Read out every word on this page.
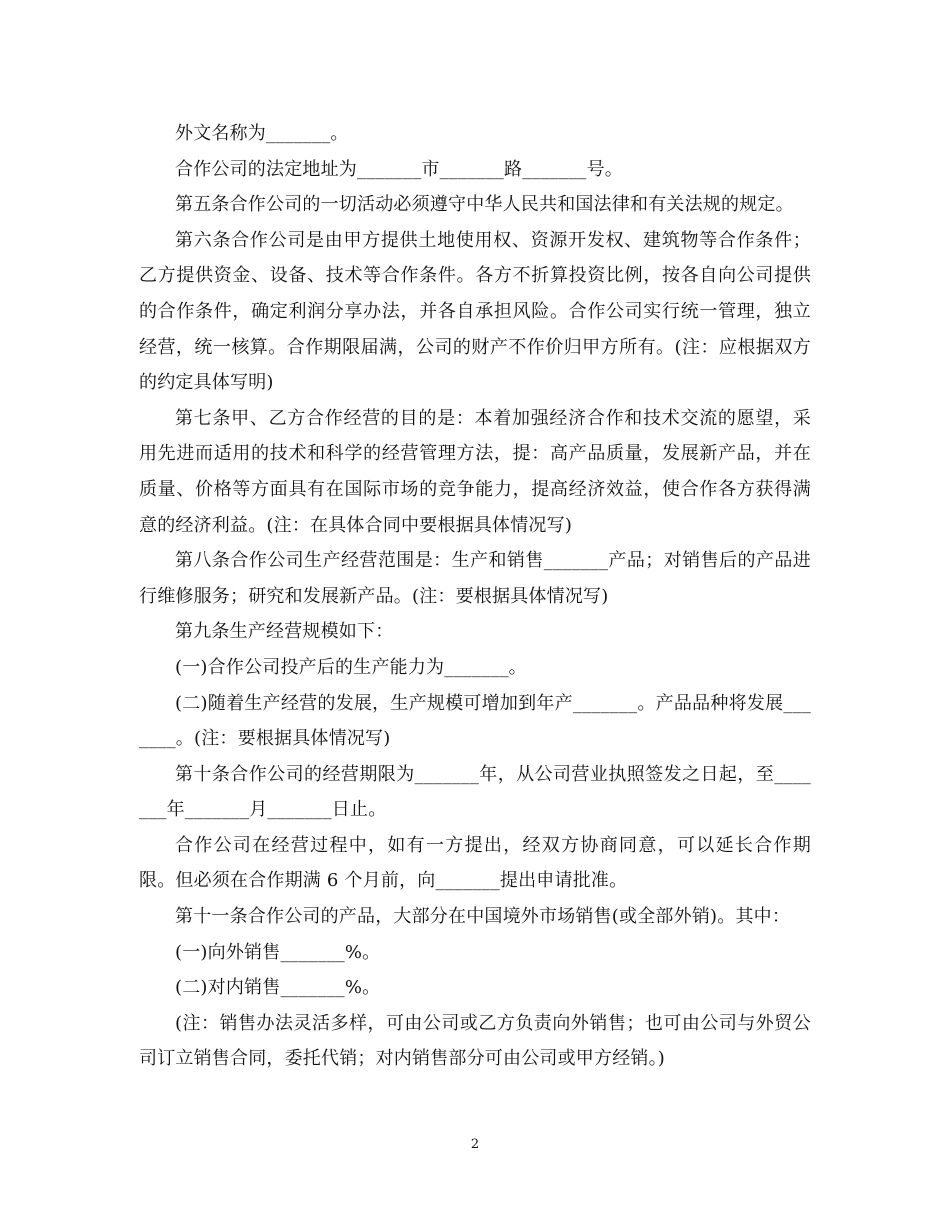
外文名称为_______。

合作公司的法定地址为_______市_______路_______号。

第五条合作公司的一切活动必须遵守中华人民共和国法律和有关法规的规定。

第六条合作公司是由甲方提供土地使用权、资源开发权、建筑物等合作条件；乙方提供资金、设备、技术等合作条件。各方不折算投资比例，按各自向公司提供的合作条件，确定利润分享办法，并各自承担风险。合作公司实行统一管理，独立经营，统一核算。合作期限届满，公司的财产不作价归甲方所有。(注：应根据双方的约定具体写明)

第七条甲、乙方合作经营的目的是：本着加强经济合作和技术交流的愿望，采用先进而适用的技术和科学的经营管理方法，提：高产品质量，发展新产品，并在质量、价格等方面具有在国际市场的竞争能力，提高经济效益，使合作各方获得满意的经济利益。(注：在具体合同中要根据具体情况写)

第八条合作公司生产经营范围是：生产和销售_______产品；对销售后的产品进行维修服务；研究和发展新产品。(注：要根据具体情况写)

第九条生产经营规模如下：

(一)合作公司投产后的生产能力为_______。

(二)随着生产经营的发展，生产规模可增加到年产_______。产品品种将发展_______。(注：要根据具体情况写)

第十条合作公司的经营期限为_______年，从公司营业执照签发之日起，至_______年_______月_______日止。

合作公司在经营过程中，如有一方提出，经双方协商同意，可以延长合作期限。但必须在合作期满 6 个月前，向_______提出申请批准。

第十一条合作公司的产品，大部分在中国境外市场销售(或全部外销)。其中：

(一)向外销售_______%。

(二)对内销售_______%。

(注：销售办法灵活多样，可由公司或乙方负责向外销售；也可由公司与外贸公司订立销售合同，委托代销；对内销售部分可由公司或甲方经销。)

2
